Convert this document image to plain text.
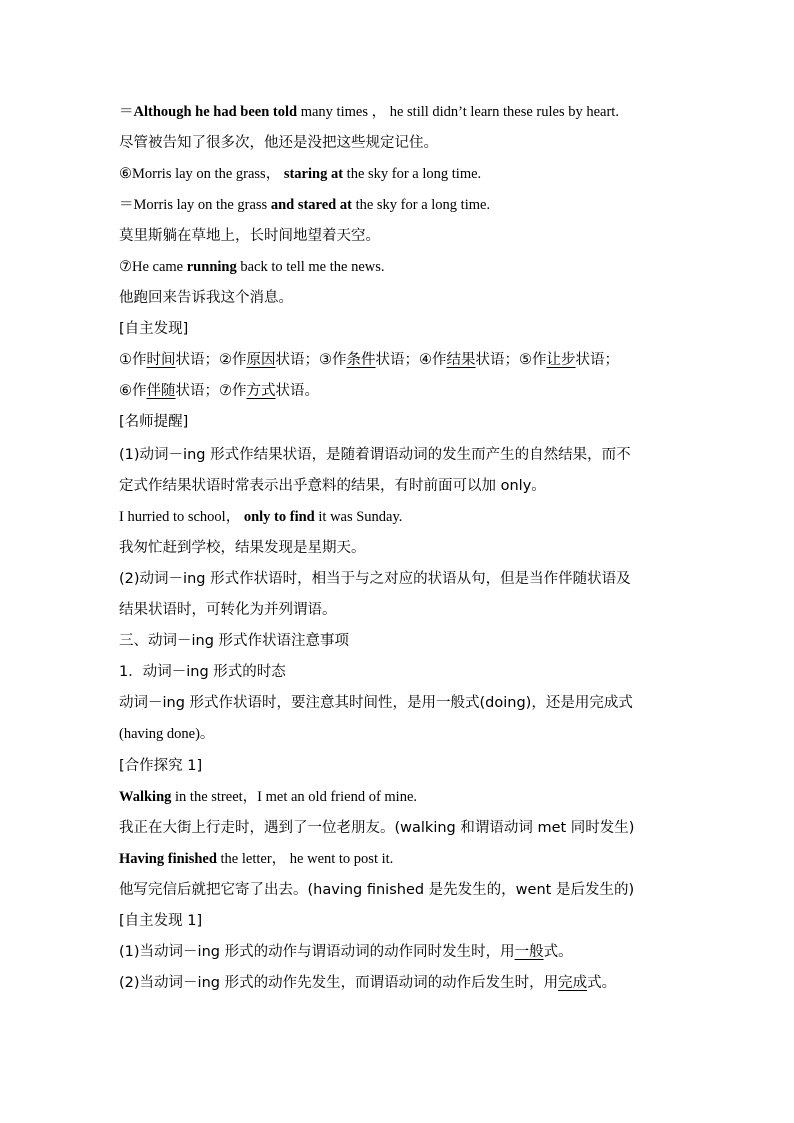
＝Although he had been told many times ， he still didn’t learn these rules by heart.
尽管被告知了很多次，他还是没把这些规定记住。
⑥Morris lay on the grass， staring at the sky for a long time.
＝Morris lay on the grass and stared at the sky for a long time.
莫里斯躺在草地上，长时间地望着天空。
⑦He came running back to tell me the news.
他跑回来告诉我这个消息。
[自主发现]
①作时间状语；②作原因状语；③作条件状语；④作结果状语；⑤作让步状语；
⑥作伴随状语；⑦作方式状语。
[名师提醒]
(1)动词－ing 形式作结果状语，是随着谓语动词的发生而产生的自然结果，而不
定式作结果状语时常表示出乎意料的结果，有时前面可以加 only。
I hurried to school， only to find it was Sunday.
我匆忙赶到学校，结果发现是星期天。
(2)动词－ing 形式作状语时，相当于与之对应的状语从句，但是当作伴随状语及
结果状语时，可转化为并列谓语。
三、动词－ing 形式作状语注意事项
1．动词－ing 形式的时态
动词－ing 形式作状语时，要注意其时间性，是用一般式(doing)，还是用完成式
(having done)。
[合作探究 1]
Walking in the street，I met an old friend of mine.
我正在大街上行走时，遇到了一位老朋友。(walking 和谓语动词 met 同时发生)
Having finished the letter， he went to post it.
他写完信后就把它寄了出去。(having finished 是先发生的，went 是后发生的)
[自主发现 1]
(1)当动词－ing 形式的动作与谓语动词的动作同时发生时，用一般式。
(2)当动词－ing 形式的动作先发生，而谓语动词的动作后发生时，用完成式。
